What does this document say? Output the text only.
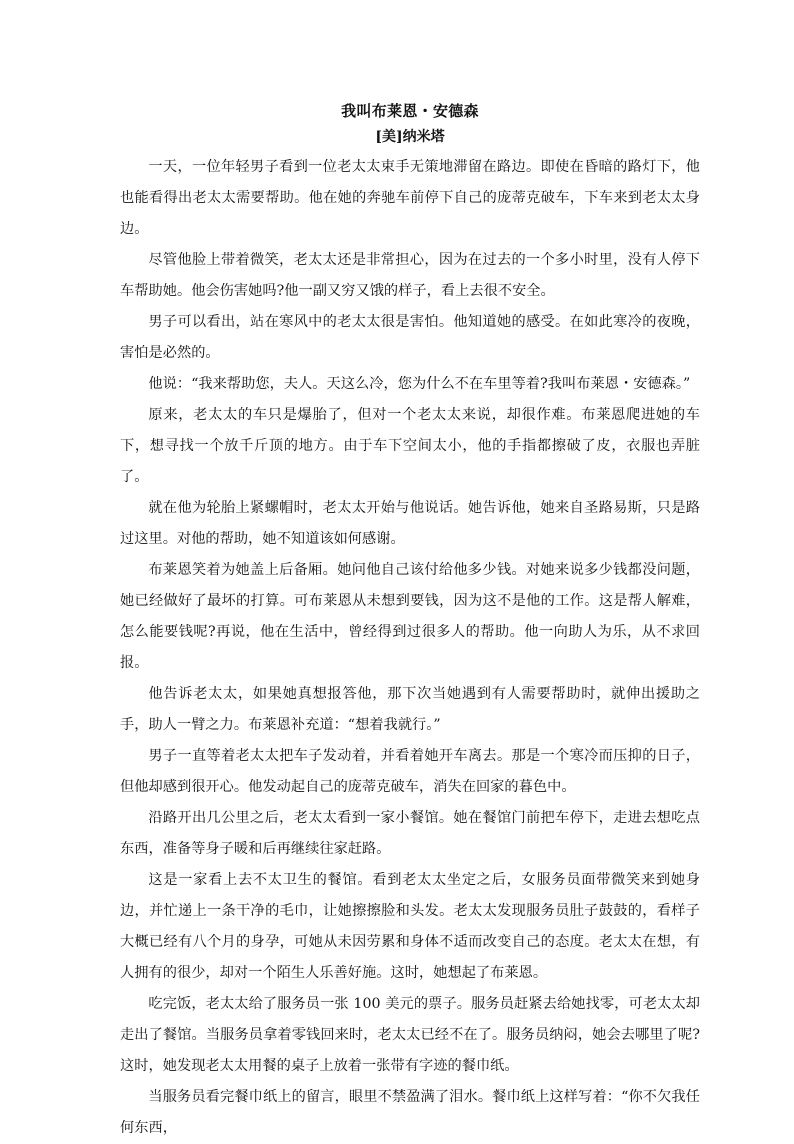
我叫布莱恩・安德森

[美]纳米塔

一天，一位年轻男子看到一位老太太束手无策地滞留在路边。即使在昏暗的路灯下，他也能看得出老太太需要帮助。他在她的奔驰车前停下自己的庞蒂克破车，下车来到老太太身边。

尽管他脸上带着微笑，老太太还是非常担心，因为在过去的一个多小时里，没有人停下车帮助她。他会伤害她吗?他一副又穷又饿的样子，看上去很不安全。

男子可以看出，站在寒风中的老太太很是害怕。他知道她的感受。在如此寒冷的夜晚，害怕是必然的。

他说：“我来帮助您，夫人。天这么冷，您为什么不在车里等着?我叫布莱恩・安德森。”

原来，老太太的车只是爆胎了，但对一个老太太来说，却很作难。布莱恩爬进她的车下，想寻找一个放千斤顶的地方。由于车下空间太小，他的手指都擦破了皮，衣服也弄脏了。

就在他为轮胎上紧螺帽时，老太太开始与他说话。她告诉他，她来自圣路易斯，只是路过这里。对他的帮助，她不知道该如何感谢。

布莱恩笑着为她盖上后备厢。她问他自己该付给他多少钱。对她来说多少钱都没问题，她已经做好了最坏的打算。可布莱恩从未想到要钱，因为这不是他的工作。这是帮人解难，怎么能要钱呢?再说，他在生活中，曾经得到过很多人的帮助。他一向助人为乐，从不求回报。

他告诉老太太，如果她真想报答他，那下次当她遇到有人需要帮助时，就伸出援助之手，助人一臂之力。布莱恩补充道：“想着我就行。”

男子一直等着老太太把车子发动着，并看着她开车离去。那是一个寒冷而压抑的日子，但他却感到很开心。他发动起自己的庞蒂克破车，消失在回家的暮色中。

沿路开出几公里之后，老太太看到一家小餐馆。她在餐馆门前把车停下，走进去想吃点东西，准备等身子暖和后再继续往家赶路。

这是一家看上去不太卫生的餐馆。看到老太太坐定之后，女服务员面带微笑来到她身边，并忙递上一条干净的毛巾，让她擦擦脸和头发。老太太发现服务员肚子鼓鼓的，看样子大概已经有八个月的身孕，可她从未因劳累和身体不适而改变自己的态度。老太太在想，有人拥有的很少，却对一个陌生人乐善好施。这时，她想起了布莱恩。

吃完饭，老太太给了服务员一张 100 美元的票子。服务员赶紧去给她找零，可老太太却走出了餐馆。当服务员拿着零钱回来时，老太太已经不在了。服务员纳闷，她会去哪里了呢?这时，她发现老太太用餐的桌子上放着一张带有字迹的餐巾纸。

当服务员看完餐巾纸上的留言，眼里不禁盈满了泪水。餐巾纸上这样写着：“你不欠我任何东西，
